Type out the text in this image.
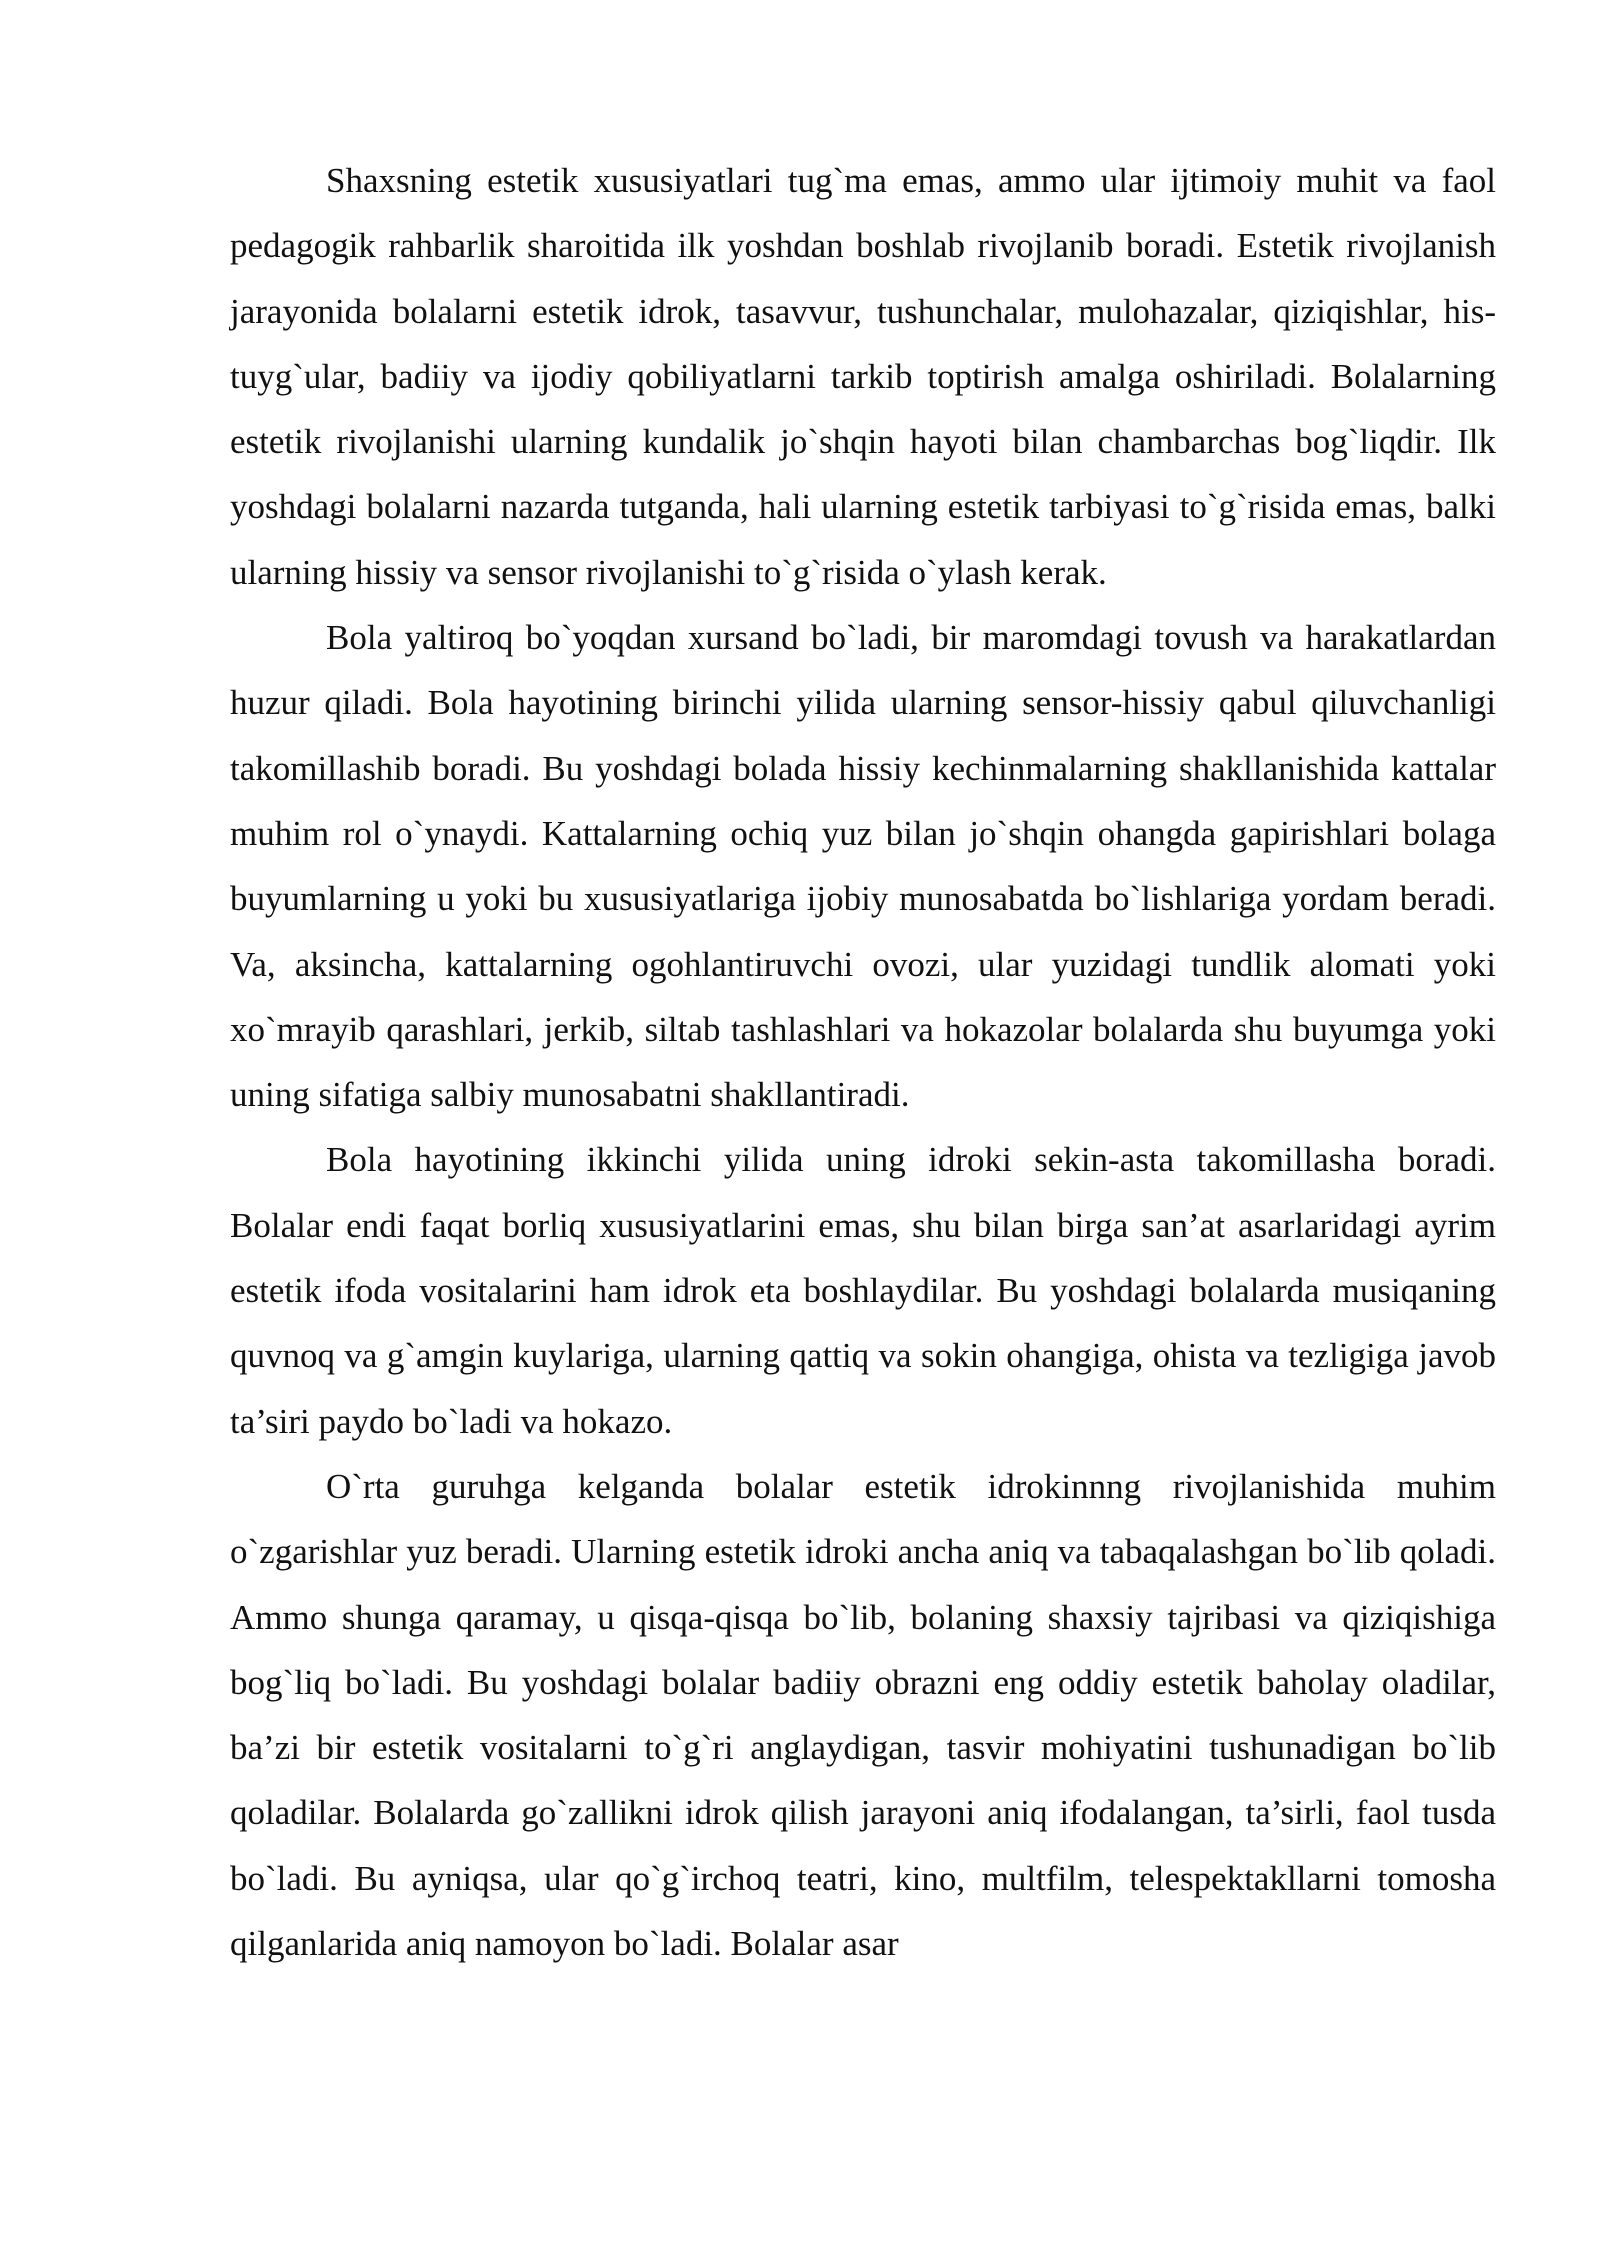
Shaxsning estetik xususiyatlari tug`ma emas, ammo ular ijtimoiy muhit va faol pedagogik rahbarlik sharoitida ilk yoshdan boshlab rivojlanib boradi. Estetik rivojlanish jarayonida bolalarni estetik idrok, tasavvur, tushunchalar, mulohazalar, qiziqishlar, his-tuyg`ular, badiiy va ijodiy qobiliyatlarni tarkib toptirish amalga oshiriladi. Bolalarning estetik rivojlanishi ularning kundalik jo`shqin hayoti bilan chambarchas bog`liqdir. Ilk yoshdagi bolalarni nazarda tutganda, hali ularning estetik tarbiyasi to`g`risida emas, balki ularning hissiy va sensor rivojlanishi to`g`risida o`ylash kerak.

Bola yaltiroq bo`yoqdan xursand bo`ladi, bir maromdagi tovush va harakatlardan huzur qiladi. Bola hayotining birinchi yilida ularning sensor-hissiy qabul qiluvchanligi takomillashib boradi. Bu yoshdagi bolada hissiy kechinmalarning shakllanishida kattalar muhim rol o`ynaydi. Kattalarning ochiq yuz bilan jo`shqin ohangda gapirishlari bolaga buyumlarning u yoki bu xususiyatlariga ijobiy munosabatda bo`lishlariga yordam beradi. Va, aksincha, kattalarning ogohlantiruvchi ovozi, ular yuzidagi tundlik alomati yoki xo`mrayib qarashlari, jerkib, siltab tashlashlari va hokazolar bolalarda shu buyumga yoki uning sifatiga salbiy munosabatni shakllantiradi.

Bola hayotining ikkinchi yilida uning idroki sekin-asta takomillasha boradi. Bolalar endi faqat borliq xususiyatlarini emas, shu bilan birga san’at asarlaridagi ayrim estetik ifoda vositalarini ham idrok eta boshlaydilar. Bu yoshdagi bolalarda musiqaning quvnoq va g`amgin kuylariga, ularning qattiq va sokin ohangiga, ohista va tezligiga javob ta’siri paydo bo`ladi va hokazo.

O`rta guruhga kelganda bolalar estetik idrokinnng rivojlanishida muhim o`zgarishlar yuz beradi. Ularning estetik idroki ancha aniq va tabaqalashgan bo`lib qoladi. Ammo shunga qaramay, u qisqa-qisqa bo`lib, bolaning shaxsiy tajribasi va qiziqishiga bog`liq bo`ladi. Bu yoshdagi bolalar badiiy obrazni eng oddiy estetik baholay oladilar, ba’zi bir estetik vositalarni to`g`ri anglaydigan, tasvir mohiyatini tushunadigan bo`lib qoladilar. Bolalarda go`zallikni idrok qilish jarayoni aniq ifodalangan, ta’sirli, faol tusda bo`ladi. Bu ayniqsa, ular qo`g`irchoq teatri, kino, multfilm, telespektakllarni tomosha qilganlarida aniq namoyon bo`ladi. Bolalar asar
